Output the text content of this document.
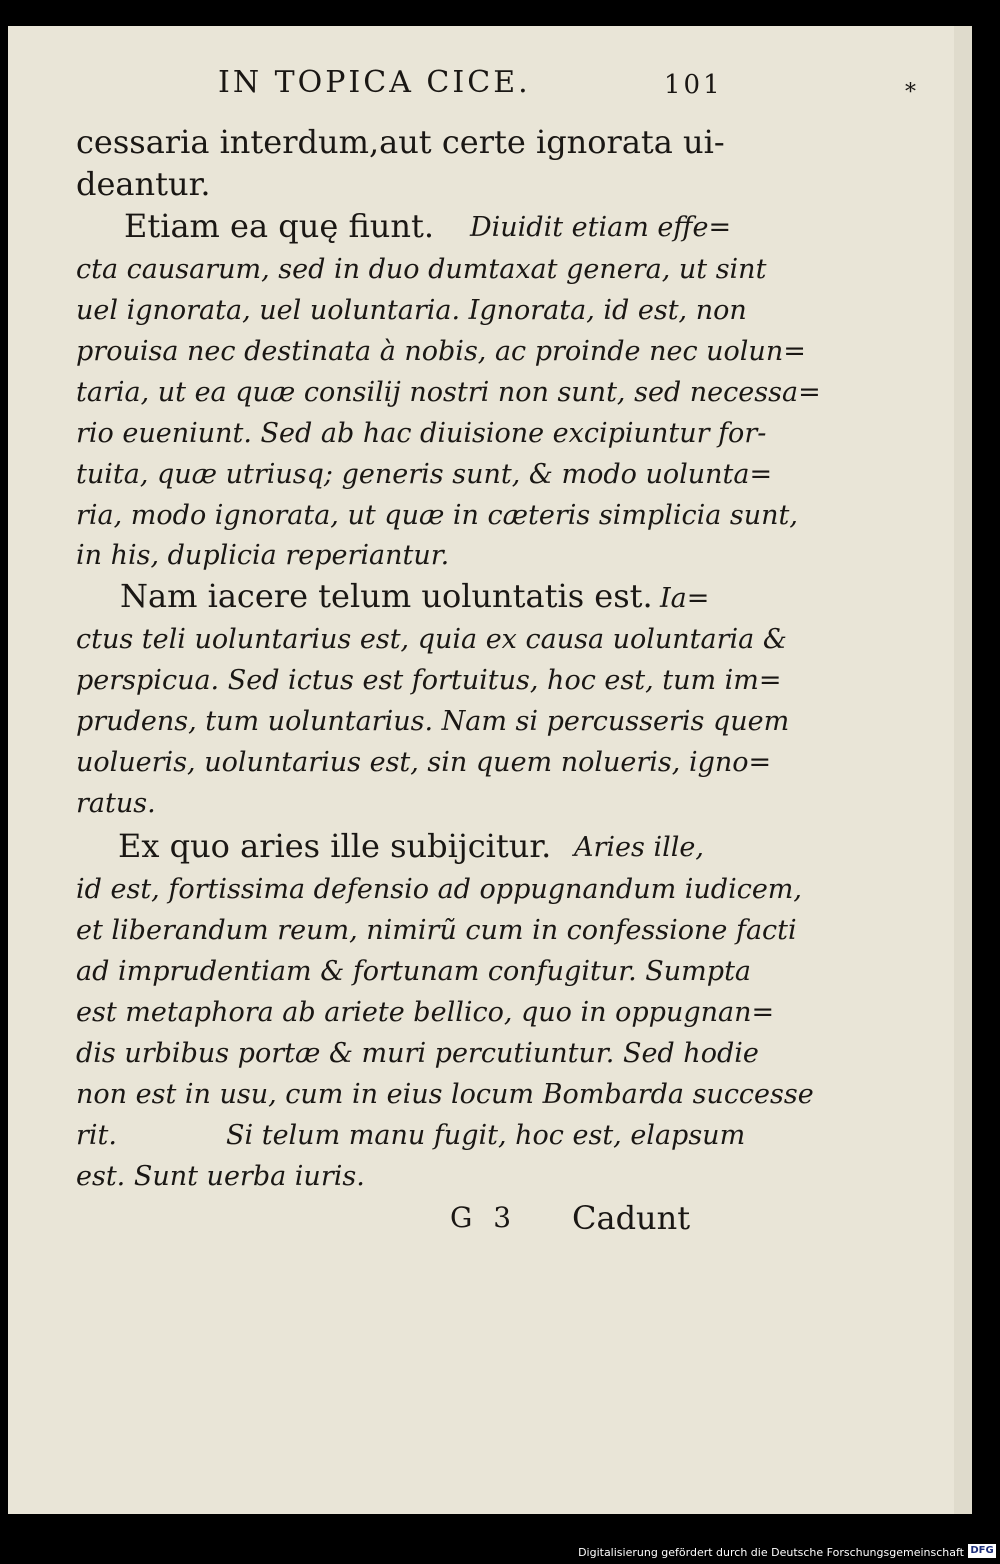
IN TOPICA CICE.	101	*
cessaria interdum,aut certe ignorata ui-
deantur.
Etiam ea quę fiunt. Diuidit etiam effe=
cta causarum, sed in duo dumtaxat genera, ut sint
uel ignorata, uel uoluntaria. Ignorata, id est, non
prouisa nec destinata à nobis, ac proinde nec uolun=
taria, ut ea quæ consilij nostri non sunt, sed necessa=
rio eueniunt. Sed ab hac diuisione excipiuntur for-
tuita, quæ utriusq; generis sunt, & modo uolunta=
ria, modo ignorata, ut quæ in cæteris simplicia sunt,
in his, duplicia reperiantur.
Nam iacere telum uoluntatis est. Ia=
ctus teli uoluntarius est, quia ex causa uoluntaria &
perspicua. Sed ictus est fortuitus, hoc est, tum im=
prudens, tum uoluntarius. Nam si percusseris quem
uolueris, uoluntarius est, sin quem nolueris, igno=
ratus.
Ex quo aries ille subijcitur. Aries ille,
id est, fortissima defensio ad oppugnandum iudicem,
et liberandum reum, nimirũ cum in confessione facti
ad imprudentiam & fortunam confugitur. Sumpta
est metaphora ab ariete bellico, quo in oppugnan=
dis urbibus portæ & muri percutiuntur. Sed hodie
non est in usu, cum in eius locum Bombarda successe
rit.	Si telum manu fugit, hoc est, elapsum
est. Sunt uerba iuris.
G 3 Cadunt
Digitalisierung gefördert durch die Deutsche Forschungsgemeinschaft DFG
